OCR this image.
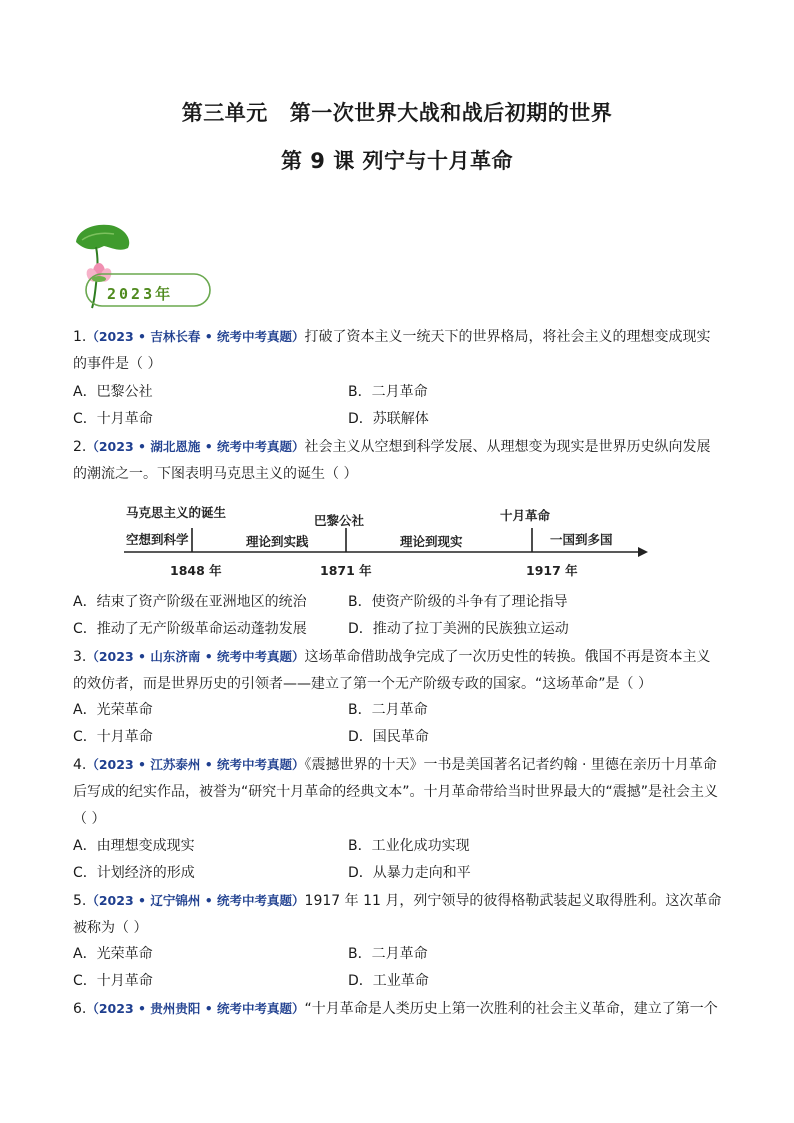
第三单元 第一次世界大战和战后初期的世界
第 9 课 列宁与十月革命
2023年
1.（2023 • 吉林长春 • 统考中考真题）打破了资本主义一统天下的世界格局，将社会主义的理想变成现实的事件是（ ）
A．巴黎公社	B．二月革命
C．十月革命	D．苏联解体
2.（2023 • 湖北恩施 • 统考中考真题）社会主义从空想到科学发展、从理想变为现实是世界历史纵向发展的潮流之一。下图表明马克思主义的诞生（ ）
马克思主义的诞生
巴黎公社	十月革命
空想到科学	理论到实践	理论到现实	一国到多国
1848 年	1871 年	1917 年
A．结束了资产阶级在亚洲地区的统治	B．使资产阶级的斗争有了理论指导
C．推动了无产阶级革命运动蓬勃发展	D．推动了拉丁美洲的民族独立运动
3.（2023 • 山东济南 • 统考中考真题）这场革命借助战争完成了一次历史性的转换。俄国不再是资本主义的效仿者，而是世界历史的引领者——建立了第一个无产阶级专政的国家。“这场革命”是（ ）
A．光荣革命	B．二月革命
C．十月革命	D．国民革命
4.（2023 • 江苏泰州 • 统考中考真题）《震撼世界的十天》一书是美国著名记者约翰 · 里德在亲历十月革命后写成的纪实作品，被誉为“研究十月革命的经典文本”。十月革命带给当时世界最大的“震撼”是社会主义（ ）
A．由理想变成现实	B．工业化成功实现
C．计划经济的形成	D．从暴力走向和平
5.（2023 • 辽宁锦州 • 统考中考真题）1917 年 11 月，列宁领导的彼得格勒武装起义取得胜利。这次革命被称为（ ）
A．光荣革命	B．二月革命
C．十月革命	D．工业革命
6.（2023 • 贵州贵阳 • 统考中考真题）“十月革命是人类历史上第一次胜利的社会主义革命，建立了第一个
